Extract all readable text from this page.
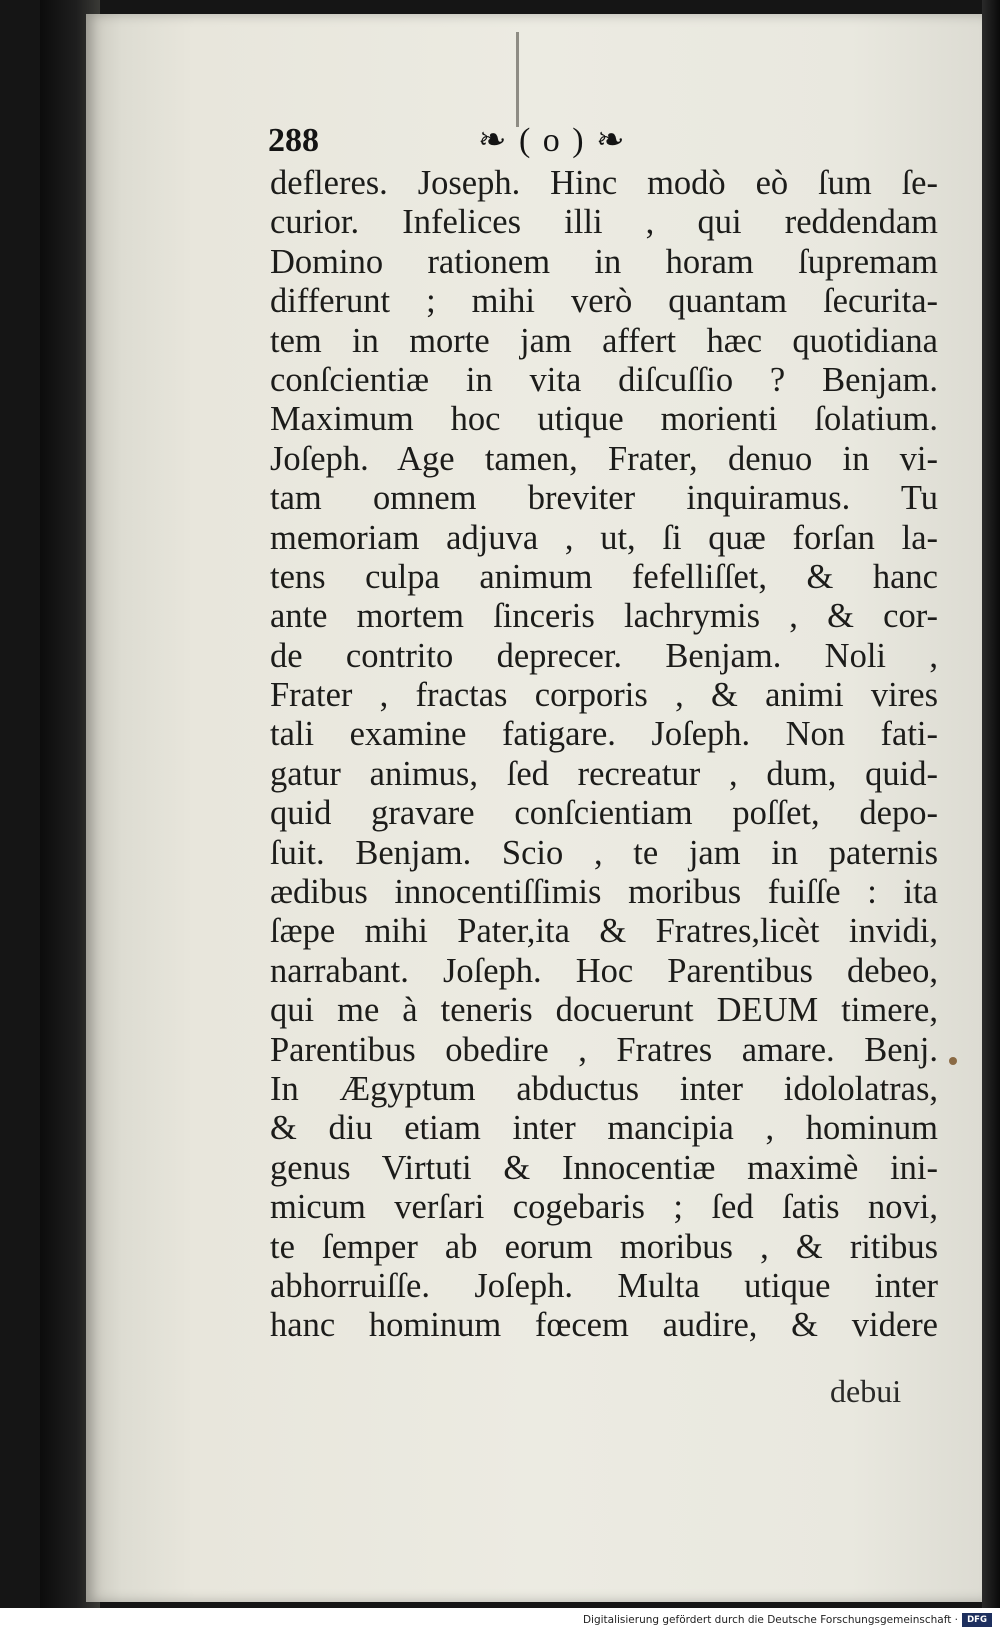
288	❧ ( o ) ❧
defleres. Joseph. Hinc modò eò ſum ſe-
curior. Infelices illi , qui reddendam
Domino rationem in horam ſupremam
differunt ; mihi verò quantam ſecurita-
tem in morte jam affert hæc quotidiana
conſcientiæ in vita diſcuſſio ? Benjam.
Maximum hoc utique morienti ſolatium.
Joſeph. Age tamen, Frater, denuo in vi-
tam omnem breviter inquiramus. Tu
memoriam adjuva , ut, ſi quæ forſan la-
tens culpa animum fefelliſſet, & hanc
ante mortem ſinceris lachrymis , & cor-
de contrito deprecer. Benjam. Noli ,
Frater , fractas corporis , & animi vires
tali examine fatigare. Joſeph. Non fati-
gatur animus, ſed recreatur , dum, quid-
quid gravare conſcientiam poſſet, depo-
ſuit. Benjam. Scio , te jam in paternis
ædibus innocentiſſimis moribus fuiſſe : ita
ſæpe mihi Pater,ita & Fratres,licèt invidi,
narrabant. Joſeph. Hoc Parentibus debeo,
qui me à teneris docuerunt DEUM timere,
Parentibus obedire , Fratres amare. Benj.
In Ægyptum abductus inter idololatras,
& diu etiam inter mancipia , hominum
genus Virtuti & Innocentiæ maximè ini-
micum verſari cogebaris ; ſed ſatis novi,
te ſemper ab eorum moribus , & ritibus
abhorruiſſe. Joſeph. Multa utique inter
hanc hominum fœcem audire, & videre
debui
Digitalisierung gefördert durch die Deutsche Forschungsgemeinschaft ·	DFG
